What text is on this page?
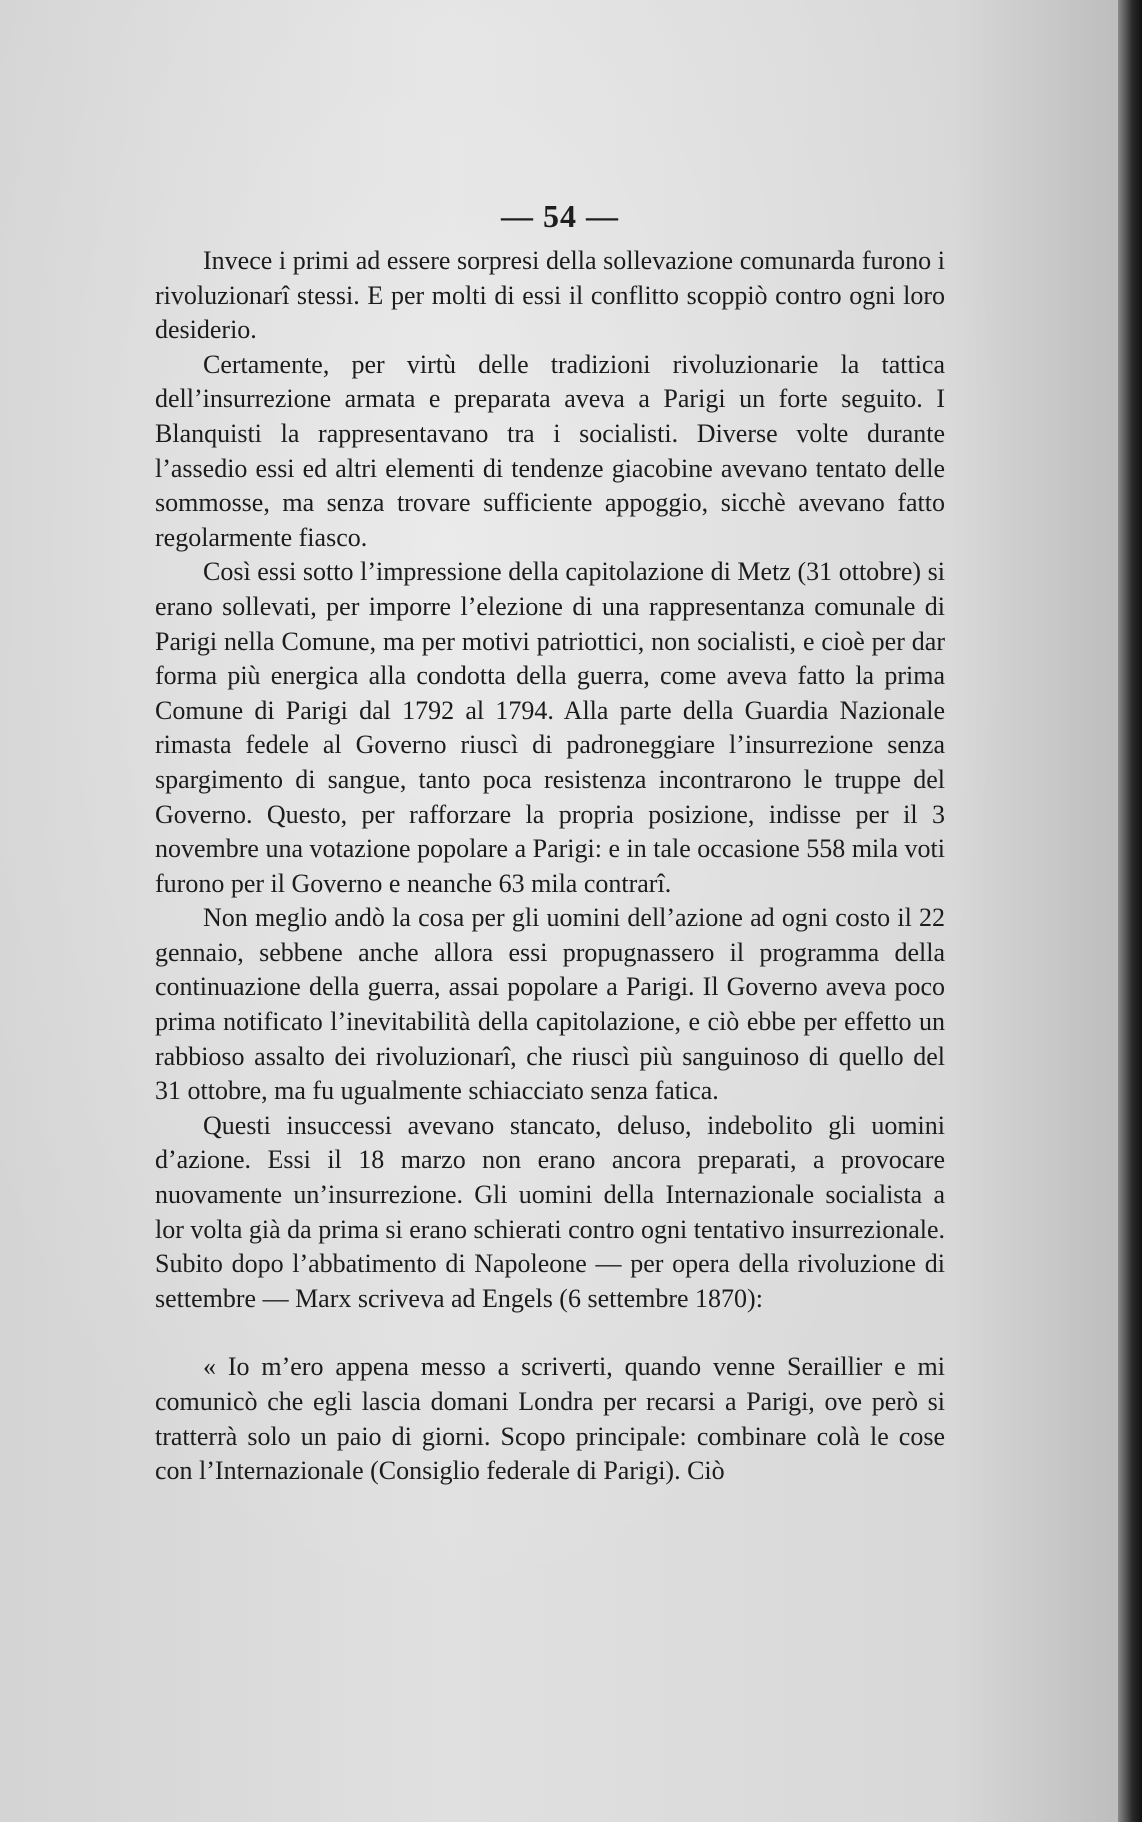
— 54 —

Invece i primi ad essere sorpresi della sollevazione comunarda furono i rivoluzionarî stessi. E per molti di essi il conflitto scoppiò contro ogni loro desiderio.

Certamente, per virtù delle tradizioni rivoluzionarie la tattica dell’insurrezione armata e preparata aveva a Parigi un forte seguito. I Blanquisti la rappresentavano tra i socialisti. Diverse volte durante l’assedio essi ed altri elementi di tendenze giacobine avevano tentato delle sommosse, ma senza trovare sufficiente appoggio, sicchè avevano fatto regolarmente fiasco.

Così essi sotto l’impressione della capitolazione di Metz (31 ottobre) si erano sollevati, per imporre l’elezione di una rappresentanza comunale di Parigi nella Comune, ma per motivi patriottici, non socialisti, e cioè per dar forma più energica alla condotta della guerra, come aveva fatto la prima Comune di Parigi dal 1792 al 1794. Alla parte della Guardia Nazionale rimasta fedele al Governo riuscì di padroneggiare l’insurrezione senza spargimento di sangue, tanto poca resistenza incontrarono le truppe del Governo. Questo, per rafforzare la propria posizione, indisse per il 3 novembre una votazione popolare a Parigi: e in tale occasione 558 mila voti furono per il Governo e neanche 63 mila contrarî.

Non meglio andò la cosa per gli uomini dell’azione ad ogni costo il 22 gennaio, sebbene anche allora essi propugnassero il programma della continuazione della guerra, assai popolare a Parigi. Il Governo aveva poco prima notificato l’inevitabilità della capitolazione, e ciò ebbe per effetto un rabbioso assalto dei rivoluzionarî, che riuscì più sanguinoso di quello del 31 ottobre, ma fu ugualmente schiacciato senza fatica.

Questi insuccessi avevano stancato, deluso, indebolito gli uomini d’azione. Essi il 18 marzo non erano ancora preparati, a provocare nuovamente un’insurrezione. Gli uomini della Internazionale socialista a lor volta già da prima si erano schierati contro ogni tentativo insurrezionale. Subito dopo l’abbatimento di Napoleone — per opera della rivoluzione di settembre — Marx scriveva ad Engels (6 settembre 1870):

« Io m’ero appena messo a scriverti, quando venne Seraillier e mi comunicò che egli lascia domani Londra per recarsi a Parigi, ove però si tratterrà solo un paio di giorni. Scopo principale: combinare colà le cose con l’Internazionale (Consiglio federale di Parigi). Ciò
